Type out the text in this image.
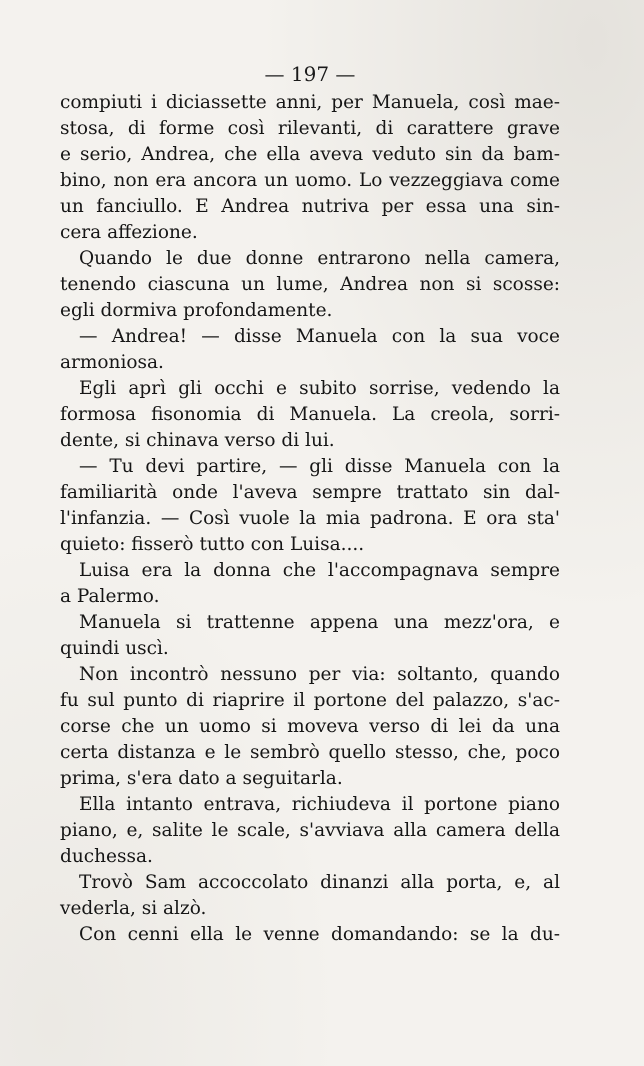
— 197 —
compiuti i diciassette anni, per Manuela, così mae-
stosa, di forme così rilevanti, di carattere grave
e serio, Andrea, che ella aveva veduto sin da bam-
bino, non era ancora un uomo. Lo vezzeggiava come
un fanciullo. E Andrea nutriva per essa una sin-
cera affezione.
Quando le due donne entrarono nella camera,
tenendo ciascuna un lume, Andrea non si scosse:
egli dormiva profondamente.
— Andrea! — disse Manuela con la sua voce
armoniosa.
Egli aprì gli occhi e subito sorrise, vedendo la
formosa fisonomia di Manuela. La creola, sorri-
dente, si chinava verso di lui.
— Tu devi partire, — gli disse Manuela con la
familiarità onde l'aveva sempre trattato sin dal-
l'infanzia. — Così vuole la mia padrona. E ora sta'
quieto: fisserò tutto con Luisa....
Luisa era la donna che l'accompagnava sempre
a Palermo.
Manuela si trattenne appena una mezz'ora, e
quindi uscì.
Non incontrò nessuno per via: soltanto, quando
fu sul punto di riaprire il portone del palazzo, s'ac-
corse che un uomo si moveva verso di lei da una
certa distanza e le sembrò quello stesso, che, poco
prima, s'era dato a seguitarla.
Ella intanto entrava, richiudeva il portone piano
piano, e, salite le scale, s'avviava alla camera della
duchessa.
Trovò Sam accoccolato dinanzi alla porta, e, al
vederla, si alzò.
Con cenni ella le venne domandando: se la du-
